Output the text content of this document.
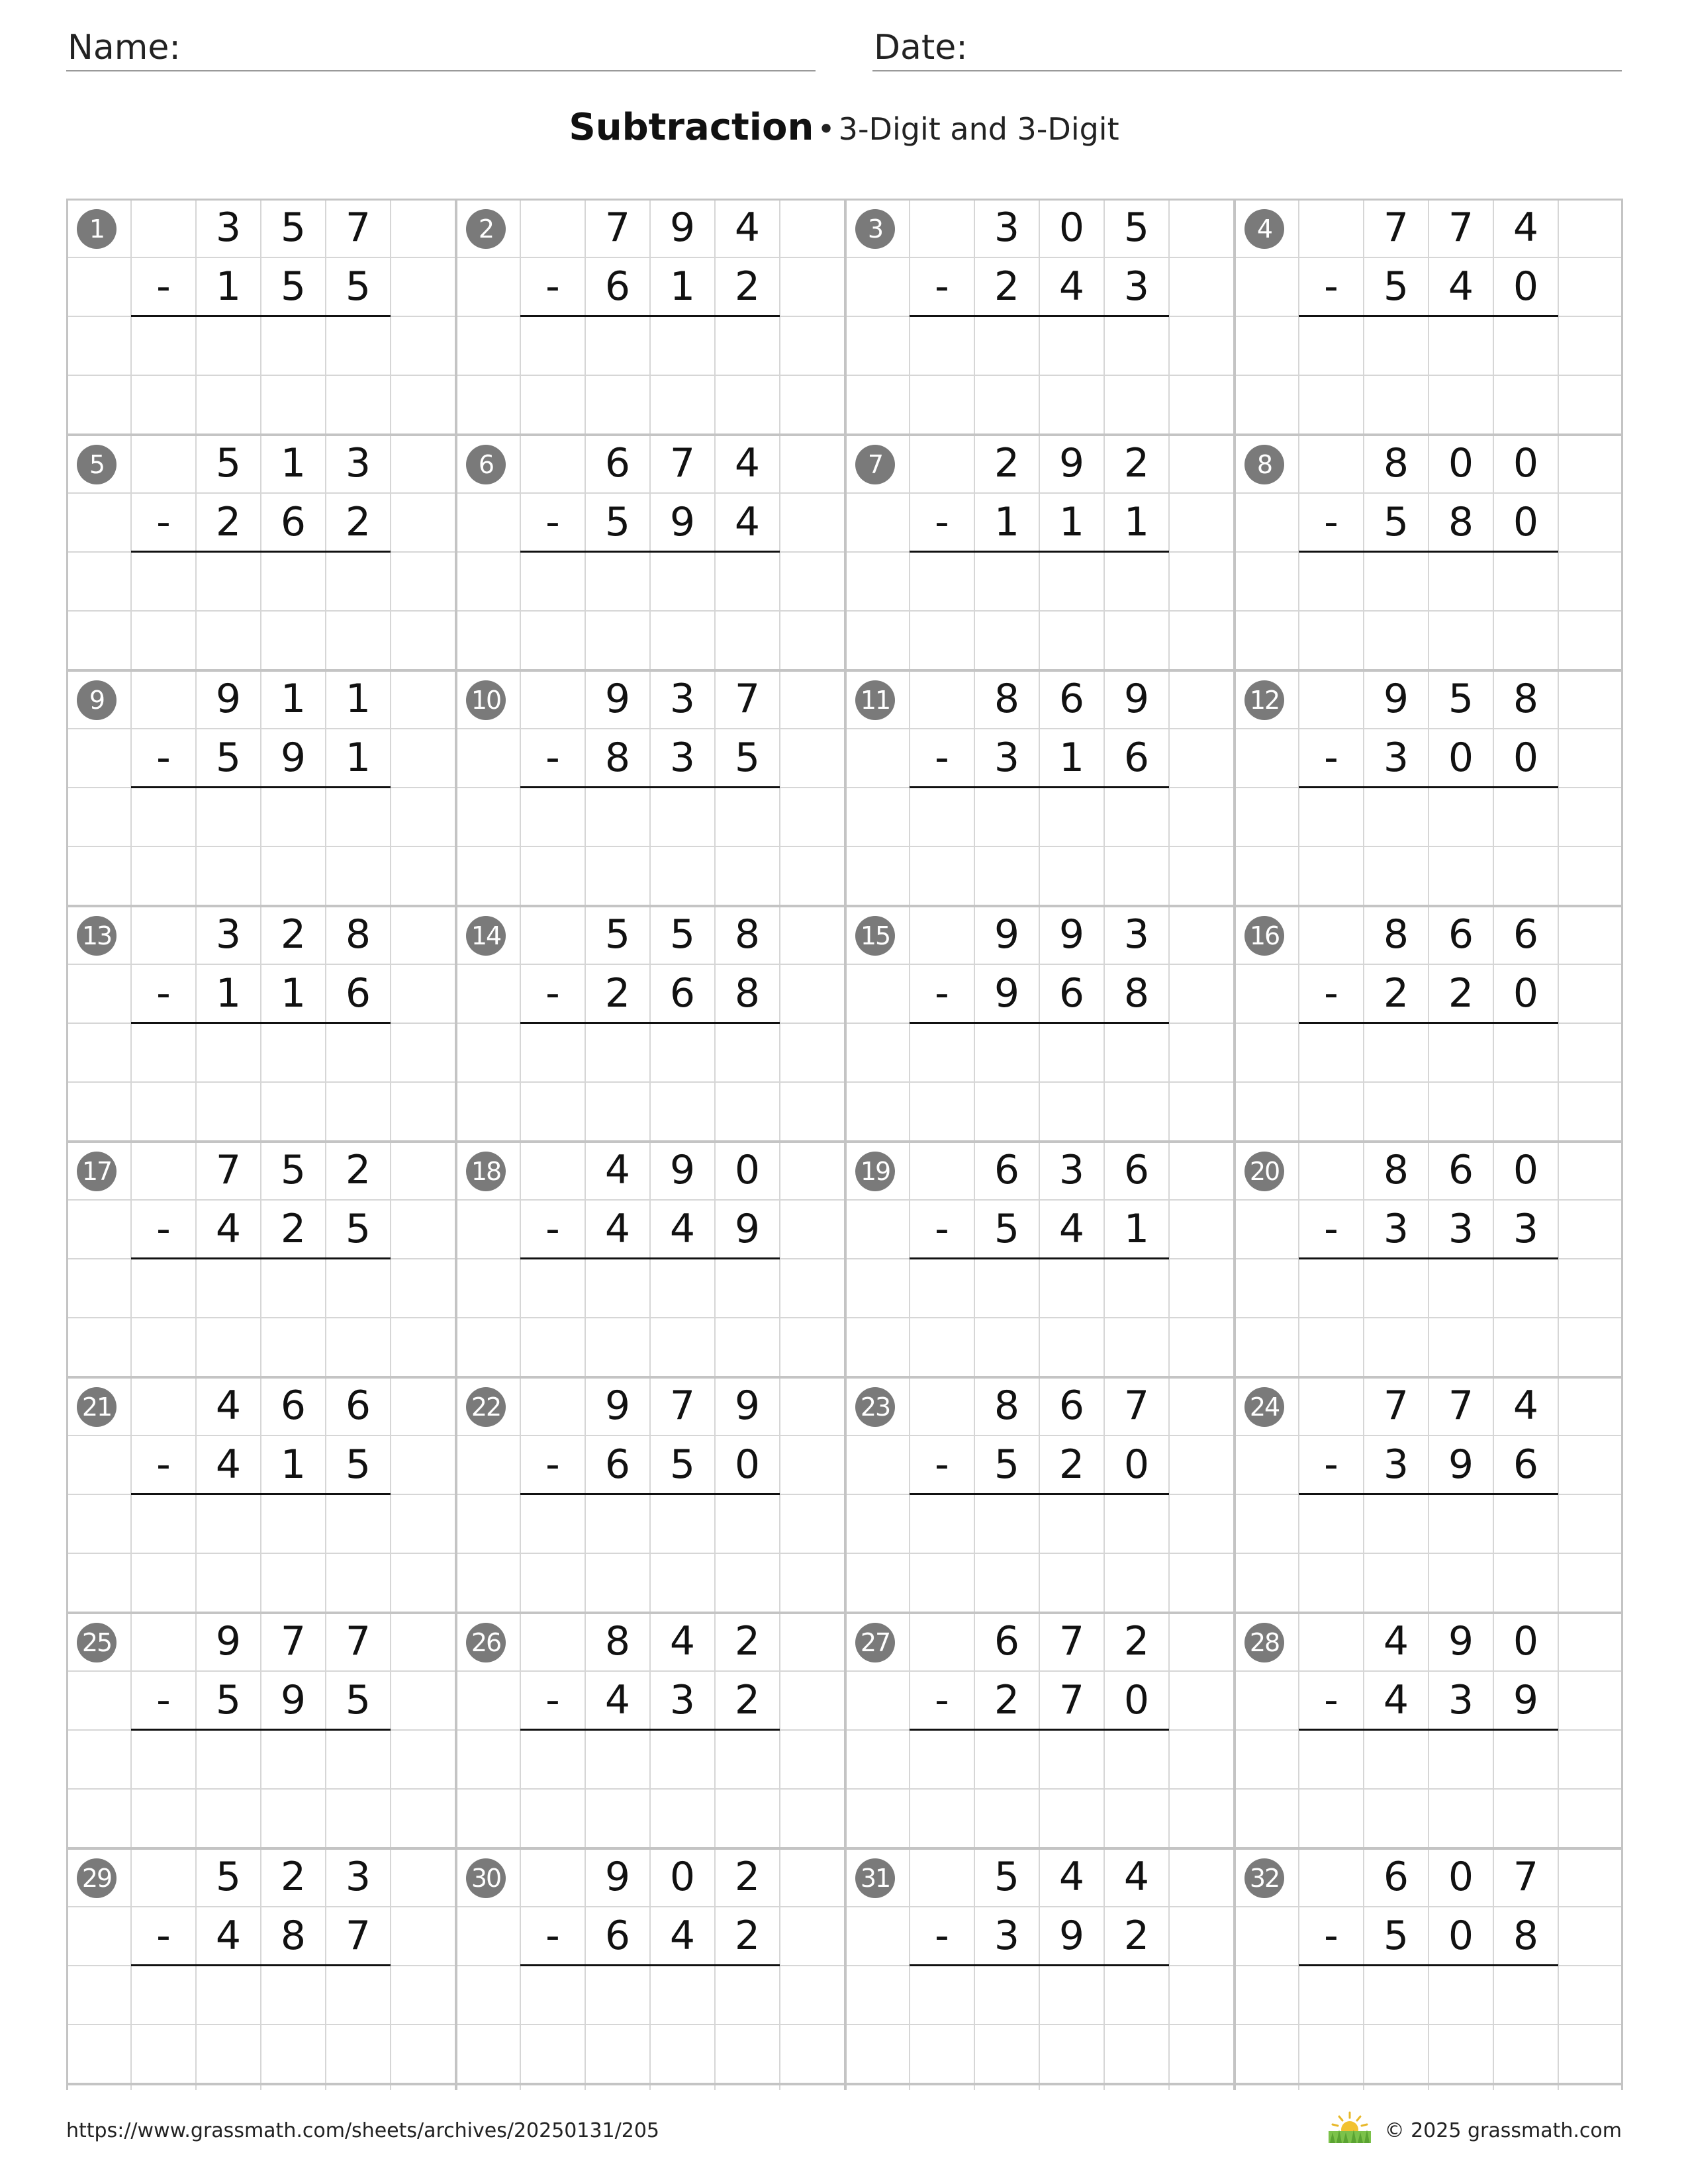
Name:	Date:
Subtraction • 3-Digit and 3-Digit
1	3 5 7
-	1 5 5
2	7 9 4
-	6 1 2
3	3 0 5
-	2 4 3
4	7 7 4
-	5 4 0
5	5 1 3
-	2 6 2
6	6 7 4
-	5 9 4
7	2 9 2
-	1 1 1
8	8 0 0
-	5 8 0
9	9 1 1
-	5 9 1
10	9 3 7
-	8 3 5
11	8 6 9
-	3 1 6
12	9 5 8
-	3 0 0
13	3 2 8
-	1 1 6
14	5 5 8
-	2 6 8
15	9 9 3
-	9 6 8
16	8 6 6
-	2 2 0
17	7 5 2
-	4 2 5
18	4 9 0
-	4 4 9
19	6 3 6
-	5 4 1
20	8 6 0
-	3 3 3
21	4 6 6
-	4 1 5
22	9 7 9
-	6 5 0
23	8 6 7
-	5 2 0
24	7 7 4
-	3 9 6
25	9 7 7
-	5 9 5
26	8 4 2
-	4 3 2
27	6 7 2
-	2 7 0
28	4 9 0
-	4 3 9
29	5 2 3
-	4 8 7
30	9 0 2
-	6 4 2
31	5 4 4
-	3 9 2
32	6 0 7
-	5 0 8
https://www.grassmath.com/sheets/archives/20250131/205	© 2025 grassmath.com
